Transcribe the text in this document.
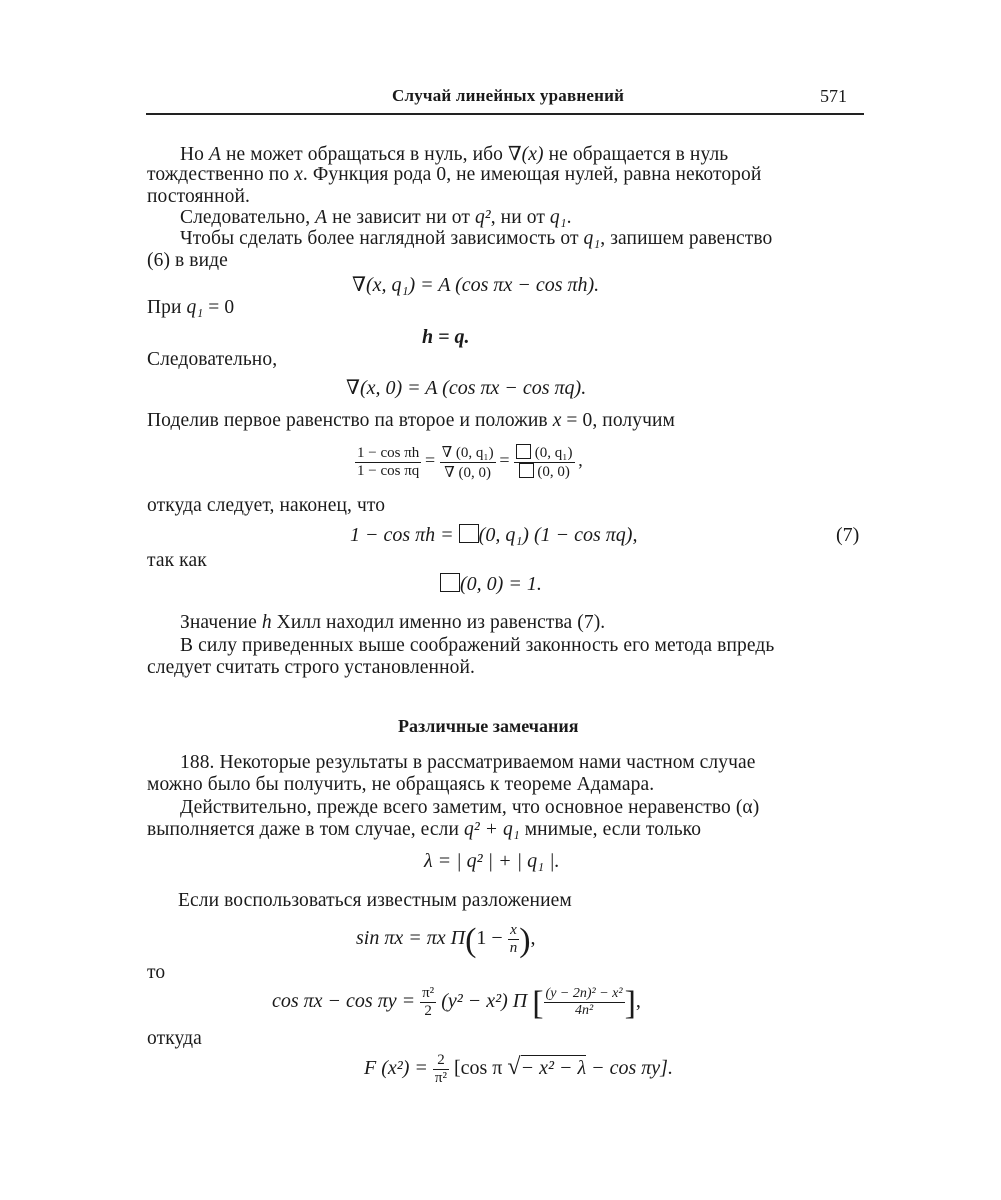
Случай линейных уравнений	571
Но A не может обращаться в нуль, ибо ∇(x) не обращается в нуль
тождественно по x. Функция рода 0, не имеющая нулей, равна некоторой
постоянной.
Следовательно, A не зависит ни от q², ни от q₁.
Чтобы сделать более наглядной зависимость от q₁, запишем равенство
(6) в виде
∇(x, q₁) = A (cos πx − cos πh).
При q₁ = 0
h = q.
Следовательно,
∇(x, 0) = A (cos πx − cos πq).
Поделив первое равенство па второе и положив x = 0, получим
$\frac{\text{1 − cos πh}}{\text{1 − cos πq}} = \frac{\text{∇ (0, q₁)}}{\nabla (0, 0)} = \frac{\text{(0, q₁)}}{(0, 0)}$ ,
откуда следует, наконец, что
1 − cos πh = (0, q₁) (1 − cos πq),	(7)
так как
(0, 0) = 1.
Значение h Хилл находил именно из равенства (7).
В силу приведенных выше соображений законность его метода впредь
следует считать строго установленной.
Различные замечания
188. Некоторые результаты в рассматриваемом нами частном случае
можно было бы получить, не обращаясь к теореме Адамара.
Действительно, прежде всего заметим, что основное неравенство (α)
выполняется даже в том случае, если q² + q₁ мнимые, если только
λ = | q² | + | q₁ |.
Если воспользоваться известным разложением
sin πx = πx $\Pi(1 - \frac{x}{n}$ ),
то
$\cos \pi x - \cos \pi y = \frac{\text{π²}}{2} (y^2 - x^2)$ Π [ $\frac{\text{(y − 2n)² − x²}}{\text{4n²}}$ ],
откуда
F $(x^2) = \frac{2}{\text{π²}} [\cos$ π √− x² − λ − cos πy].
